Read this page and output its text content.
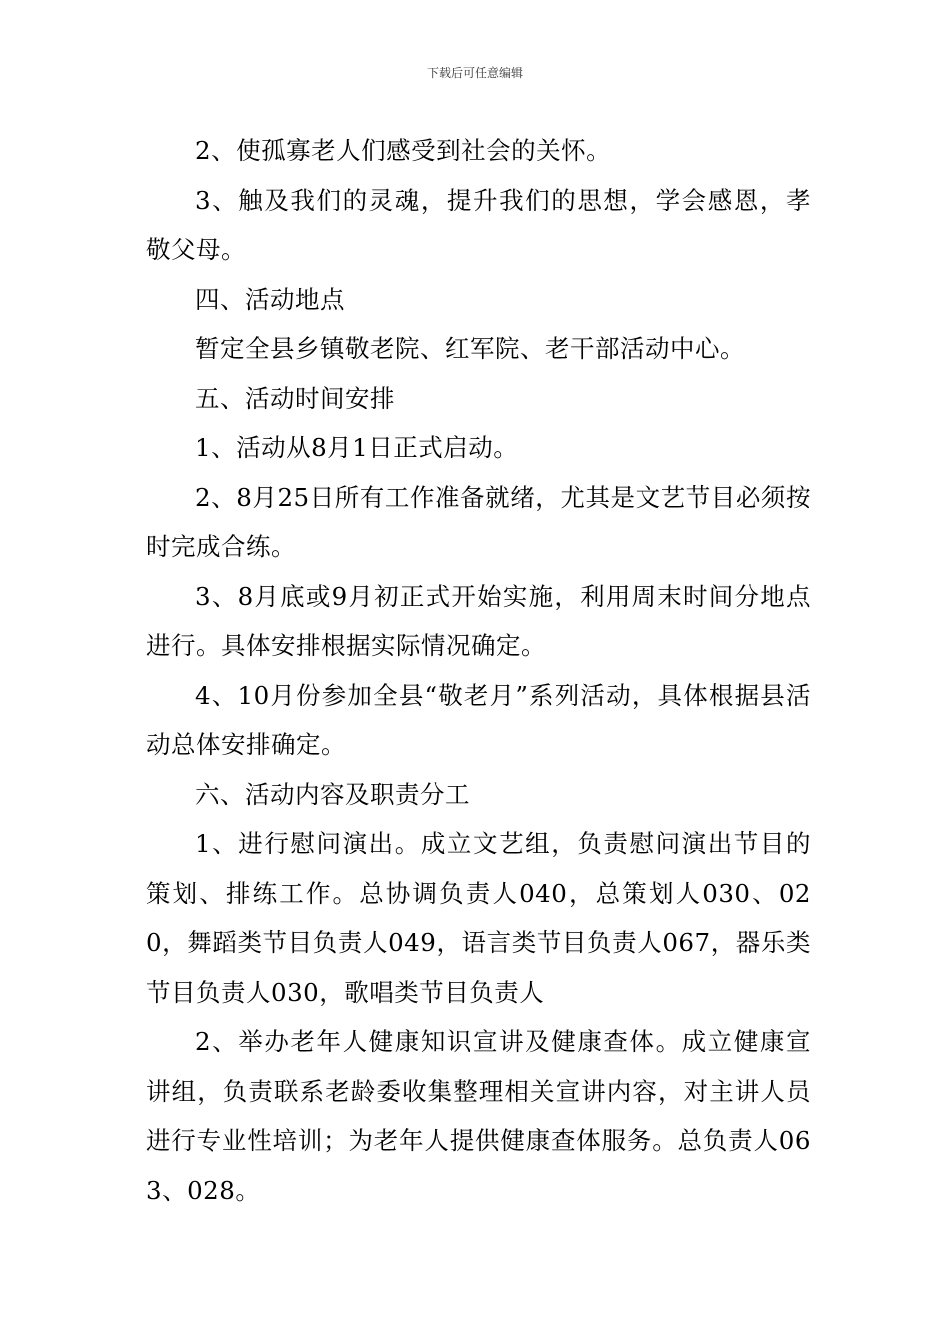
下载后可任意编辑

2、使孤寡老人们感受到社会的关怀。

3、触及我们的灵魂，提升我们的思想，学会感恩，孝敬父母。

四、活动地点

暂定全县乡镇敬老院、红军院、老干部活动中心。

五、活动时间安排

1、活动从8月1日正式启动。

2、8月25日所有工作准备就绪，尤其是文艺节目必须按时完成合练。

3、8月底或9月初正式开始实施，利用周末时间分地点进行。具体安排根据实际情况确定。

4、10月份参加全县“敬老月”系列活动，具体根据县活动总体安排确定。

六、活动内容及职责分工

1、进行慰问演出。成立文艺组，负责慰问演出节目的策划、排练工作。总协调负责人040，总策划人030、020，舞蹈类节目负责人049，语言类节目负责人067，器乐类节目负责人030，歌唱类节目负责人

2、举办老年人健康知识宣讲及健康查体。成立健康宣讲组，负责联系老龄委收集整理相关宣讲内容，对主讲人员进行专业性培训；为老年人提供健康查体服务。总负责人063、028。
